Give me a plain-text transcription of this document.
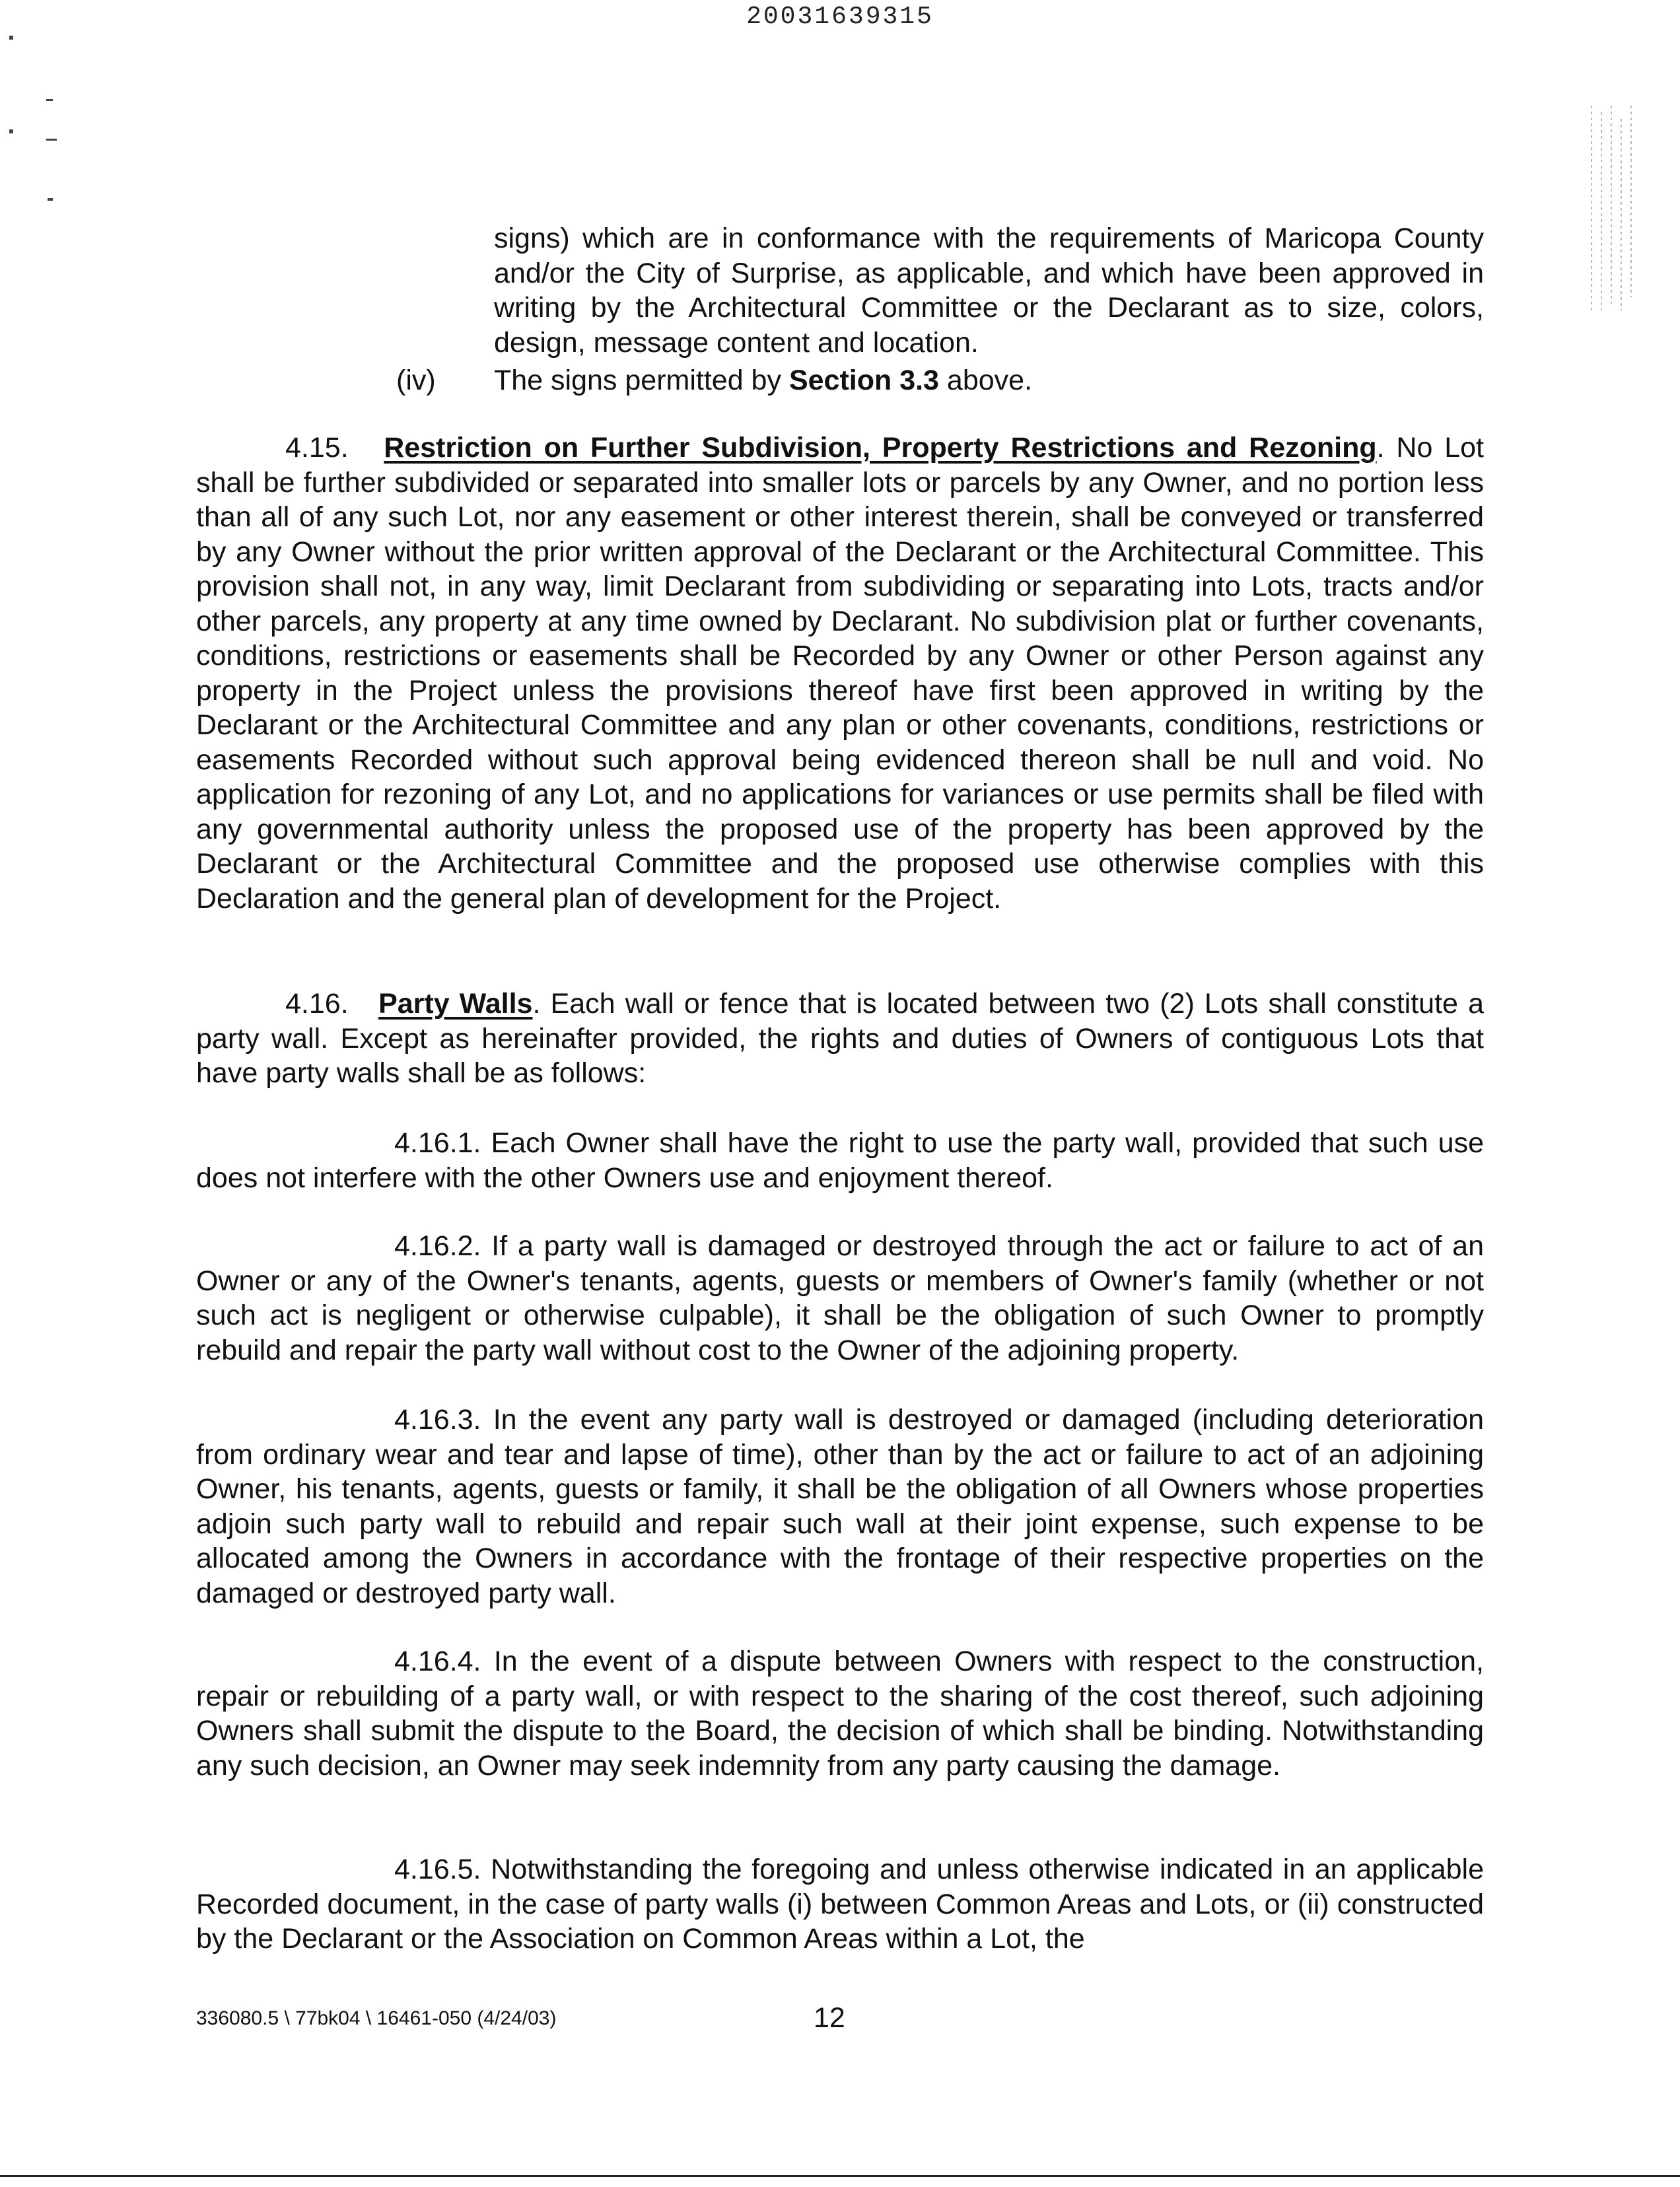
20031639315

signs) which are in conformance with the requirements of Maricopa County and/or the City of Surprise, as applicable, and which have been approved in writing by the Architectural Committee or the Declarant as to size, colors, design, message content and location.

(iv)	The signs permitted by Section 3.3 above.

4.15. Restriction on Further Subdivision, Property Restrictions and Rezoning. No Lot shall be further subdivided or separated into smaller lots or parcels by any Owner, and no portion less than all of any such Lot, nor any easement or other interest therein, shall be conveyed or transferred by any Owner without the prior written approval of the Declarant or the Architectural Committee. This provision shall not, in any way, limit Declarant from subdividing or separating into Lots, tracts and/or other parcels, any property at any time owned by Declarant. No subdivision plat or further covenants, conditions, restrictions or easements shall be Recorded by any Owner or other Person against any property in the Project unless the provisions thereof have first been approved in writing by the Declarant or the Architectural Committee and any plan or other covenants, conditions, restrictions or easements Recorded without such approval being evidenced thereon shall be null and void. No application for rezoning of any Lot, and no applications for variances or use permits shall be filed with any governmental authority unless the proposed use of the property has been approved by the Declarant or the Architectural Committee and the proposed use otherwise complies with this Declaration and the general plan of development for the Project.

4.16. Party Walls. Each wall or fence that is located between two (2) Lots shall constitute a party wall. Except as hereinafter provided, the rights and duties of Owners of contiguous Lots that have party walls shall be as follows:

4.16.1. Each Owner shall have the right to use the party wall, provided that such use does not interfere with the other Owners use and enjoyment thereof.

4.16.2. If a party wall is damaged or destroyed through the act or failure to act of an Owner or any of the Owner's tenants, agents, guests or members of Owner's family (whether or not such act is negligent or otherwise culpable), it shall be the obligation of such Owner to promptly rebuild and repair the party wall without cost to the Owner of the adjoining property.

4.16.3. In the event any party wall is destroyed or damaged (including deterioration from ordinary wear and tear and lapse of time), other than by the act or failure to act of an adjoining Owner, his tenants, agents, guests or family, it shall be the obligation of all Owners whose properties adjoin such party wall to rebuild and repair such wall at their joint expense, such expense to be allocated among the Owners in accordance with the frontage of their respective properties on the damaged or destroyed party wall.

4.16.4. In the event of a dispute between Owners with respect to the construction, repair or rebuilding of a party wall, or with respect to the sharing of the cost thereof, such adjoining Owners shall submit the dispute to the Board, the decision of which shall be binding. Notwithstanding any such decision, an Owner may seek indemnity from any party causing the damage.

4.16.5. Notwithstanding the foregoing and unless otherwise indicated in an applicable Recorded document, in the case of party walls (i) between Common Areas and Lots, or (ii) constructed by the Declarant or the Association on Common Areas within a Lot, the

336080.5 \ 77bk04 \ 16461-050 (4/24/03)	12
